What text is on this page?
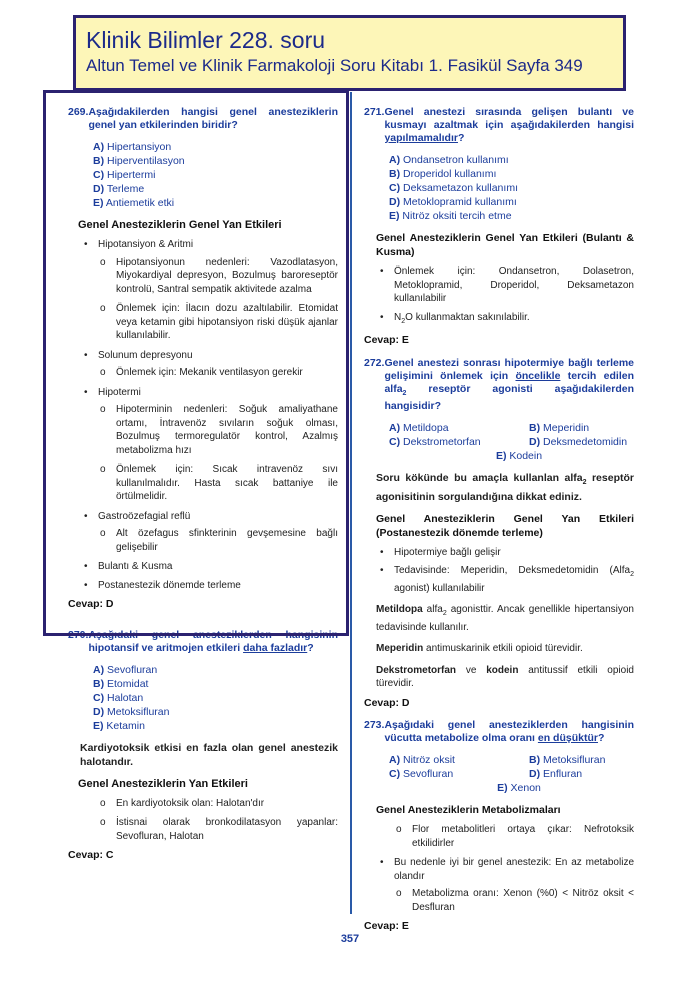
Klinik Bilimler 228. soru
Altun Temel ve Klinik Farmakoloji Soru Kitabı 1. Fasikül Sayfa 349
269. Aşağıdakilerden hangisi genel anesteziklerin genel yan etkilerinden biridir?
A) Hipertansiyon
B) Hiperventilasyon
C) Hipertermi
D) Terleme
E) Antiemetik etki
Genel Anesteziklerin Genel Yan Etkileri
• Hipotansiyon & Aritmi
o Hipotansiyonun nedenleri: Vazodlatasyon, Miyokardiyal depresyon, Bozulmuş baroreseptör kontrolü, Santral sempatik aktivitede azalma
o Önlemek için: İlacın dozu azaltılabilir. Etomidat veya ketamin gibi hipotansiyon riski düşük ajanlar kullanılabilir.
• Solunum depresyonu
o Önlemek için: Mekanik ventilasyon gerekir
• Hipotermi
o Hipoterminin nedenleri: Soğuk amaliyathane ortamı, İntravenöz sıvıların soğuk olması, Bozulmuş termoregulatör kontrol, Azalmış metabolizma hızı
o Önlemek için: Sıcak intravenöz sıvı kullanılmalıdır. Hasta sıcak battaniye ile örtülmelidir.
• Gastroözefagial reflü
o Alt özefagus sfinkterinin gevşemesine bağlı gelişebilir
• Bulantı & Kusma
• Postanestezik dönemde terleme
Cevap: D
270. Aşağıdaki genel anesteziklerden hangisinin hipotansif ve aritmojen etkileri daha fazladır?
A) Sevofluran
B) Etomidat
C) Halotan
D) Metoksifluran
E) Ketamin
Kardiyotoksik etkisi en fazla olan genel anestezik halotandır.
Genel Anesteziklerin Yan Etkileri
o En kardiyotoksik olan: Halotan'dır
o İstisnai olarak bronkodilatasyon yapanlar: Sevofluran, Halotan
Cevap: C
271. Genel anestezi sırasında gelişen bulantı ve kusmayı azaltmak için aşağıdakilerden hangisi yapılmamalıdır?
A) Ondansetron kullanımı
B) Droperidol kullanımı
C) Deksametazon kullanımı
D) Metoklopramid kullanımı
E) Nitröz oksiti tercih etme
Genel Anesteziklerin Genel Yan Etkileri (Bulantı & Kusma)
• Önlemek için: Ondansetron, Dolasetron, Metoklopramid, Droperidol, Deksametazon kullanılabilir
• $N_2O$ kullanmaktan sakınılabilir.
Cevap: E
272. Genel anestezi sonrası hipotermiye bağlı terleme gelişimini önlemek için öncelikle tercih edilen alfa$_2$ reseptör agonisti aşağıdakilerden hangisidir?
A) Metildopa	B) Meperidin
C) Dekstrometorfan	D) Deksmedetomidin
E) Kodein
Soru kökünde bu amaçla kullanlan alfa$_2$ reseptör agonisitinin sorgulandığına dikkat ediniz.
Genel Anesteziklerin Genel Yan Etkileri (Postanestezik dönemde terleme)
• Hipotermiye bağlı gelişir
• Tedavisinde: Meperidin, Deksmedetomidin (Alfa$_2$ agonist) kullanılabilir
Metildopa alfa$_2$ agonisttir. Ancak genellikle hipertansiyon tedavisinde kullanılır.
Meperidin antimuskarinik etkili opioid türevidir.
Dekstrometorfan ve kodein antitussif etkili opioid türevidir.
Cevap: D
273. Aşağıdaki genel anesteziklerden hangisinin vücutta metabolize olma oranı en düşüktür?
A) Nitröz oksit	B) Metoksifluran
C) Sevofluran	D) Enfluran
E) Xenon
Genel Anesteziklerin Metabolizmaları
o Flor metabolitleri ortaya çıkar: Nefrotoksik etkilidirler
• Bu nedenle iyi bir genel anestezik: En az metabolize olandır
o Metabolizma oranı: Xenon (%0) < Nitröz oksit < Desfluran
Cevap: E
357
